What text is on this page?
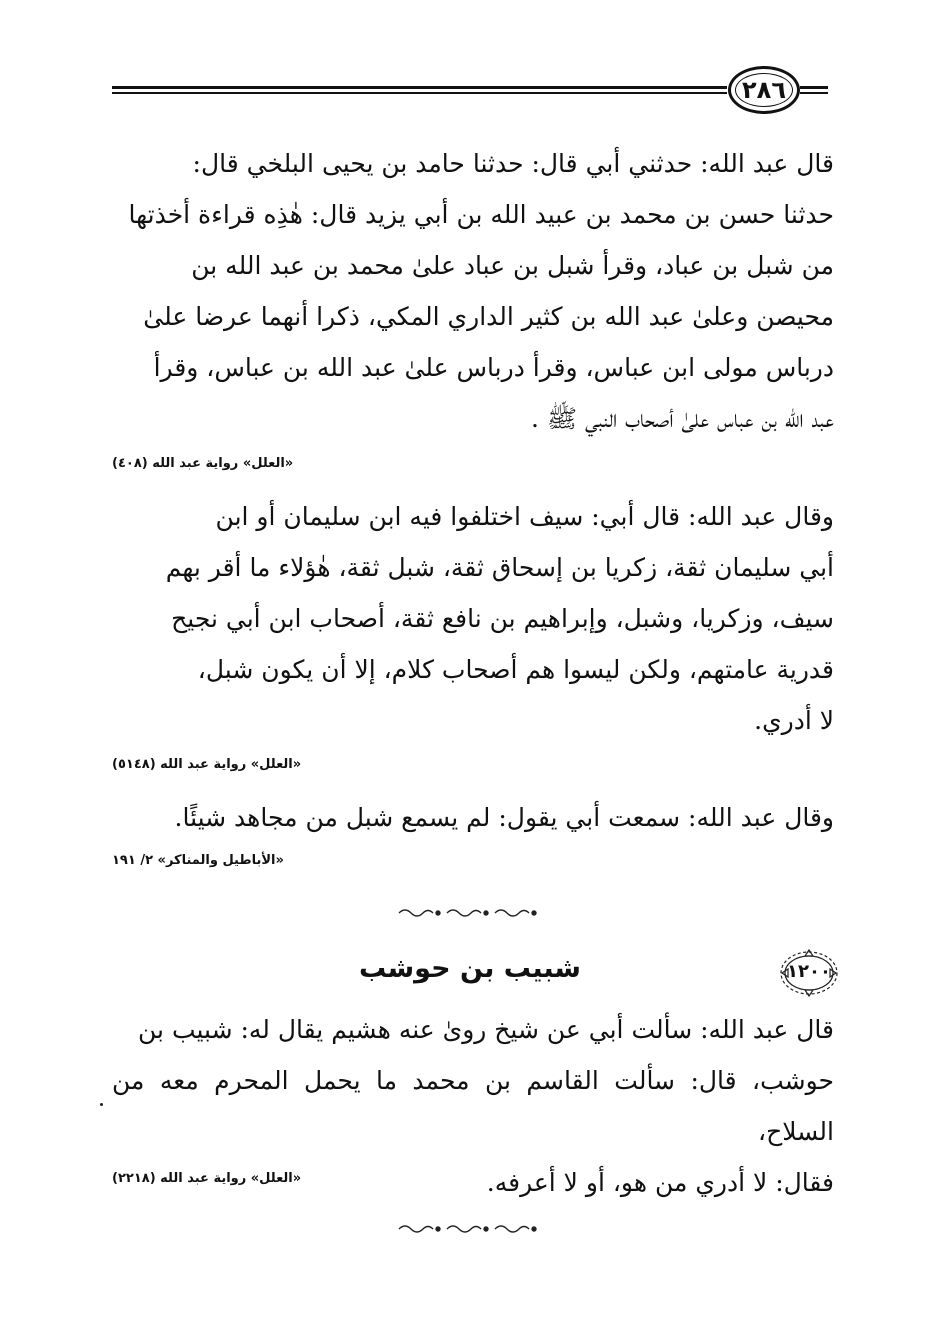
٢٨٦
قال عبد الله: حدثني أبي قال: حدثنا حامد بن يحيى البلخي قال:
حدثنا حسن بن محمد بن عبيد الله بن أبي يزيد قال: هٰذِه قراءة أخذتها
من شبل بن عباد، وقرأ شبل بن عباد علىٰ محمد بن عبد الله بن
محيصن وعلىٰ عبد الله بن كثير الداري المكي، ذكرا أنهما عرضا علىٰ
درباس مولى ابن عباس، وقرأ درباس علىٰ عبد الله بن عباس، وقرأ
عبد الله بن عباس علىٰ أصحاب النبي ﷺ .
«العلل» رواية عبد الله (٤٠٨)
وقال عبد الله: قال أبي: سيف اختلفوا فيه ابن سليمان أو ابن
أبي سليمان ثقة، زكريا بن إسحاق ثقة، شبل ثقة، هٰؤلاء ما أقر بهم
سيف، وزكريا، وشبل، وإبراهيم بن نافع ثقة، أصحاب ابن أبي نجيح
قدرية عامتهم، ولكن ليسوا هم أصحاب كلام، إلا أن يكون شبل،
لا أدري.
«العلل» رواية عبد الله (٥١٤٨)
وقال عبد الله: سمعت أبي يقول: لم يسمع شبل من مجاهد شيئًا.
«الأباطيل والمناكر» ٢/ ١٩١
١٢٠٠
شبيب بن حوشب
قال عبد الله: سألت أبي عن شيخ روىٰ عنه هشيم يقال له: شبيب بن
حوشب، قال: سألت القاسم بن محمد ما يحمل المحرم معه من السلاح،
فقال: لا أدري من هو، أو لا أعرفه.
«العلل» رواية عبد الله (٢٢١٨)
